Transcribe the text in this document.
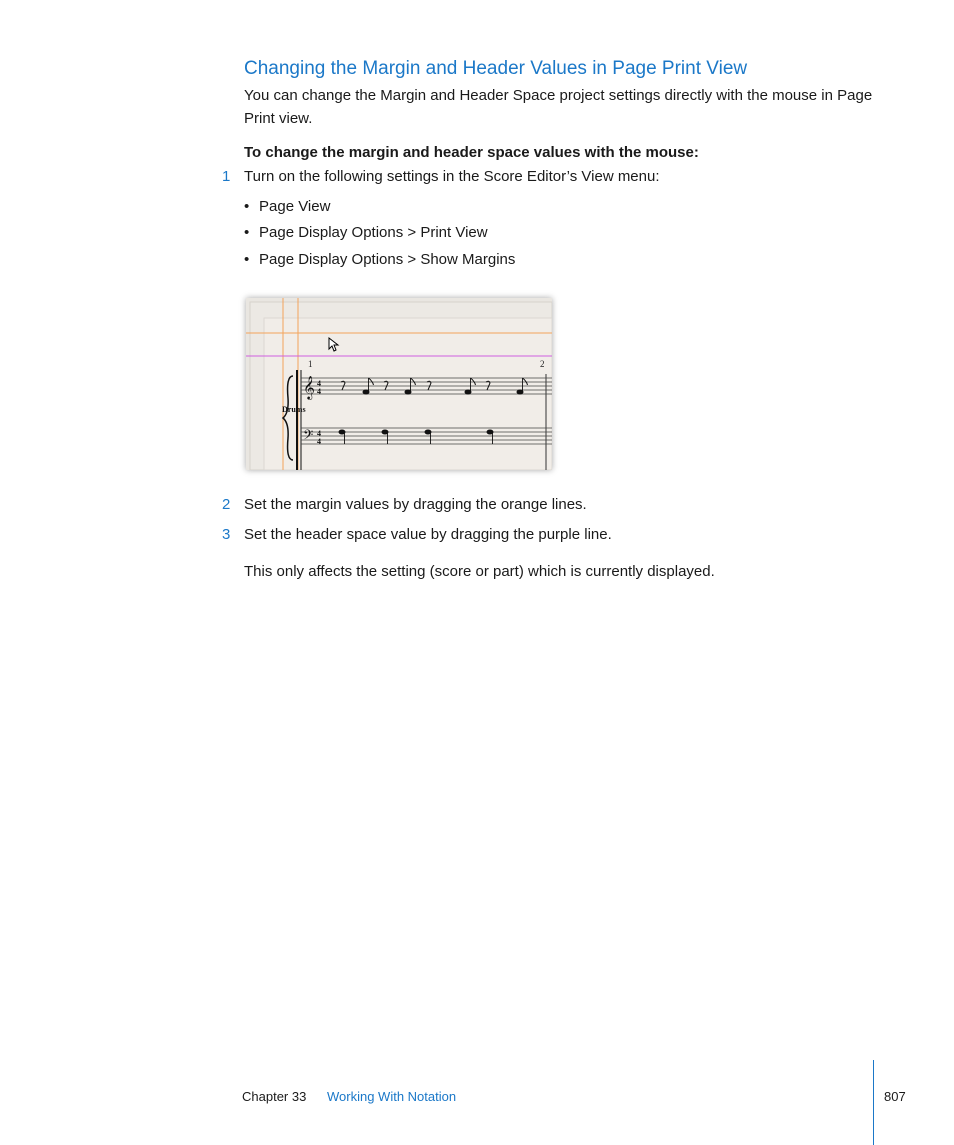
Changing the Margin and Header Values in Page Print View
You can change the Margin and Header Space project settings directly with the mouse in Page Print view.
To change the margin and header space values with the mouse:
1 Turn on the following settings in the Score Editor’s View menu:
• Page View
• Page Display Options > Print View
• Page Display Options > Show Margins
1	2
𝄞
𝄢
4
4
4
4
Drums
2 Set the margin values by dragging the orange lines.
3 Set the header space value by dragging the purple line.
This only affects the setting (score or part) which is currently displayed.
Chapter 33 Working With Notation	807
